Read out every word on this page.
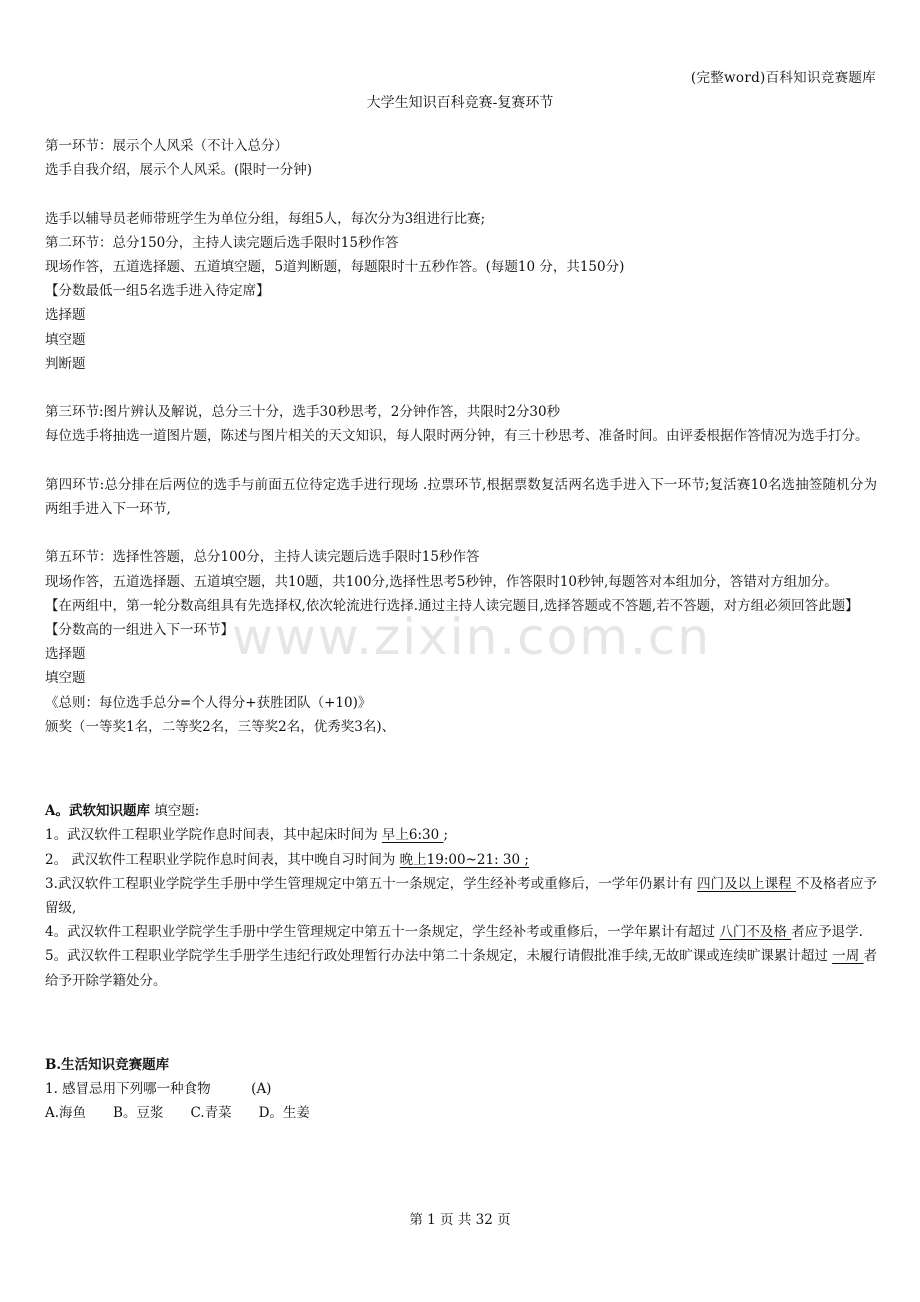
(完整word)百科知识竞赛题库
大学生知识百科竞赛-复赛环节
www.zixin.com.cn

第一环节：展示个人风采（不计入总分）

选手自我介绍，展示个人风采。(限时一分钟)

选手以辅导员老师带班学生为单位分组，每组5人，每次分为3组进行比赛;

第二环节：总分150分，主持人读完题后选手限时15秒作答

现场作答，五道选择题、五道填空题，5道判断题，每题限时十五秒作答。(每题10 分，共150分)

【分数最低一组5名选手进入待定席】

选择题

填空题

判断题

第三环节:图片辨认及解说，总分三十分，选手30秒思考，2分钟作答，共限时2分30秒

每位选手将抽选一道图片题，陈述与图片相关的天文知识，每人限时两分钟，有三十秒思考、准备时间。由评委根据作答情况为选手打分。

第四环节:总分排在后两位的选手与前面五位待定选手进行现场 .拉票环节,根据票数复活两名选手进入下一环节;复活赛10名选抽签随机分为两组手进入下一环节,

第五环节：选择性答题，总分100分，主持人读完题后选手限时15秒作答

现场作答，五道选择题、五道填空题，共10题，共100分,选择性思考5秒钟，作答限时10秒钟,每题答对本组加分，答错对方组加分。

【在两组中，第一轮分数高组具有先选择权,依次轮流进行选择.通过主持人读完题目,选择答题或不答题,若不答题，对方组必须回答此题】

【分数高的一组进入下一环节】

选择题

填空题

《总则：每位选手总分=个人得分+获胜团队（+10)》

颁奖（一等奖1名，二等奖2名，三等奖2名，优秀奖3名)、

A。武软知识题库 填空题:

1。武汉软件工程职业学院作息时间表，其中起床时间为 早上6:30 ;

2。 武汉软件工程职业学院作息时间表，其中晚自习时间为 晚上19:00~21: 30 ;

3.武汉软件工程职业学院学生手册中学生管理规定中第五十一条规定，学生经补考或重修后，一学年仍累计有 四门及以上课程 不及格者应予留级,

4。武汉软件工程职业学院学生手册中学生管理规定中第五十一条规定，学生经补考或重修后，一学年累计有超过 八门不及格 者应予退学.

5。武汉软件工程职业学院学生手册学生违纪行政处理暂行办法中第二十条规定，未履行请假批准手续,无故旷课或连续旷课累计超过 一周 者给予开除学籍处分。

B.生活知识竞赛题库

1. 感冒忌用下列哪一种食物　　　(A)

A.海鱼　　B。豆浆　　C.青菜　　D。生姜

第 1 页 共 32 页
